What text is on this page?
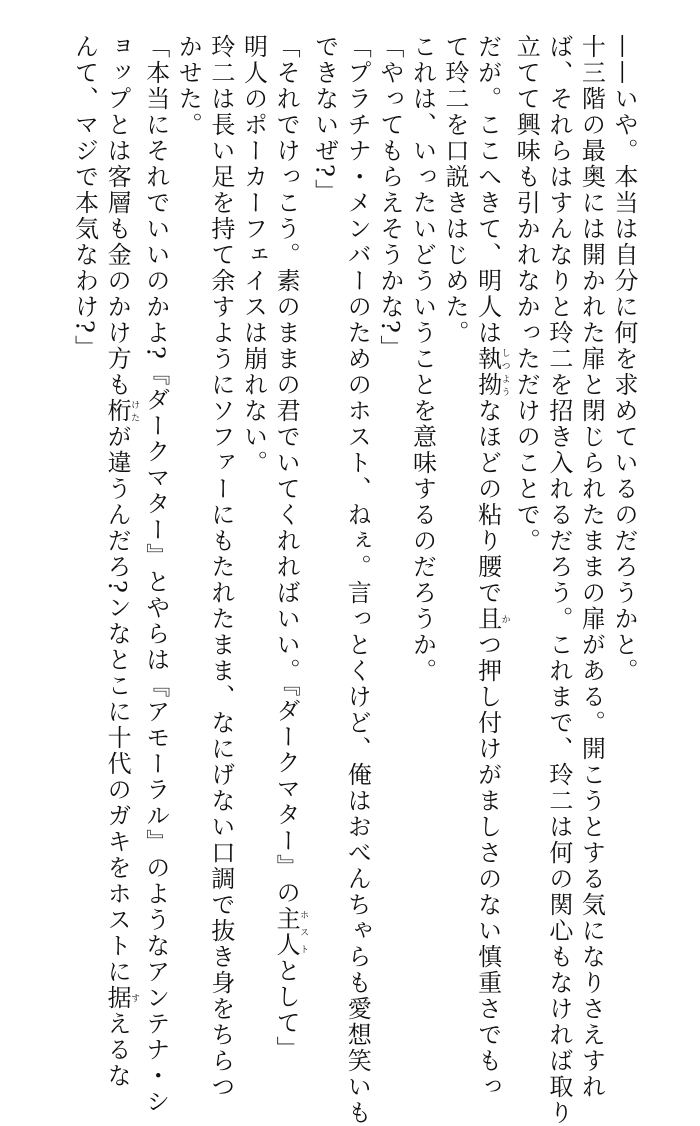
——いや。本当は自分に何を求めているのだろうかと。
十三階の最奥には開かれた扉と閉じられたままの扉がある。開こうとする気になりさえすれ
ば、それらはすんなりと玲二を招き入れるだろう。これまで、玲二は何の関心もなければ取り
立てて興味も引かれなかっただけのことで。
だが。ここへきて、明人は執拗しつようなほどの粘り腰で且かつ押し付けがましさのない慎重さでもっ
て玲二を口説きはじめた。
これは、いったいどういうことを意味するのだろうか。
「やってもらえそうかな?」
「プラチナ・メンバーのためのホスト、ねぇ。言っとくけど、俺はおべんちゃらも愛想笑いも
できないぜ?」
「それでけっこう。素のままの君でいてくれればいい。『ダークマター』の主人ホストとして」
明人のポーカーフェイスは崩れない。
玲二は長い足を持て余すようにソファーにもたれたまま、なにげない口調で抜き身をちらつ
かせた。
「本当にそれでいいのかよ?『ダークマター』とやらは『アモーラル』のようなアンテナ・シ
ョップとは客層も金のかけ方も桁けたが違うんだろ?ンなとこに十代のガキをホストに据すえるな
んて、マジで本気なわけ?」
